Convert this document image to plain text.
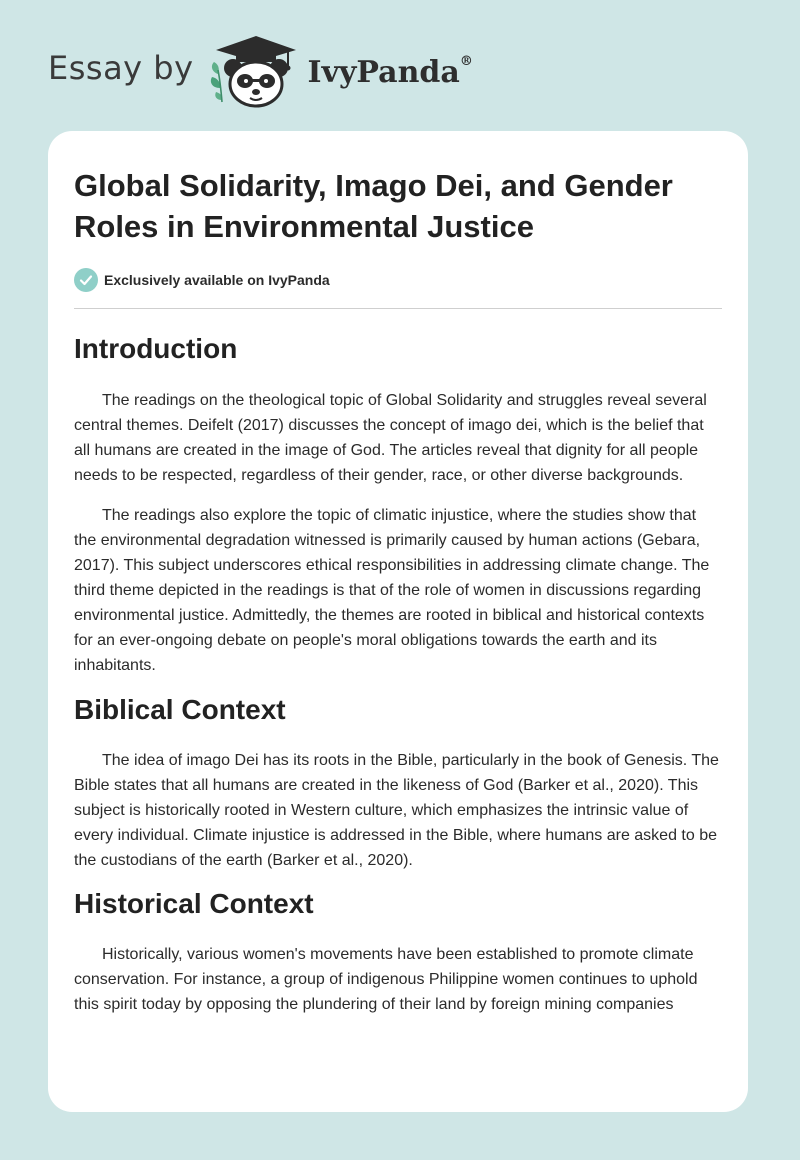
Essay by	IvyPanda®
Global Solidarity, Imago Dei, and Gender Roles in Environmental Justice
Exclusively available on IvyPanda
Introduction

The readings on the theological topic of Global Solidarity and struggles reveal several central themes. Deifelt (2017) discusses the concept of imago dei, which is the belief that all humans are created in the image of God. The articles reveal that dignity for all people needs to be respected, regardless of their gender, race, or other diverse backgrounds.

The readings also explore the topic of climatic injustice, where the studies show that the environmental degradation witnessed is primarily caused by human actions (Gebara, 2017). This subject underscores ethical responsibilities in addressing climate change. The third theme depicted in the readings is that of the role of women in discussions regarding environmental justice. Admittedly, the themes are rooted in biblical and historical contexts for an ever-ongoing debate on people's moral obligations towards the earth and its inhabitants.

Biblical Context

The idea of imago Dei has its roots in the Bible, particularly in the book of Genesis. The Bible states that all humans are created in the likeness of God (Barker et al., 2020). This subject is historically rooted in Western culture, which emphasizes the intrinsic value of every individual. Climate injustice is addressed in the Bible, where humans are asked to be the custodians of the earth (Barker et al., 2020).

Historical Context

Historically, various women's movements have been established to promote climate conservation. For instance, a group of indigenous Philippine women continues to uphold this spirit today by opposing the plundering of their land by foreign mining companies
